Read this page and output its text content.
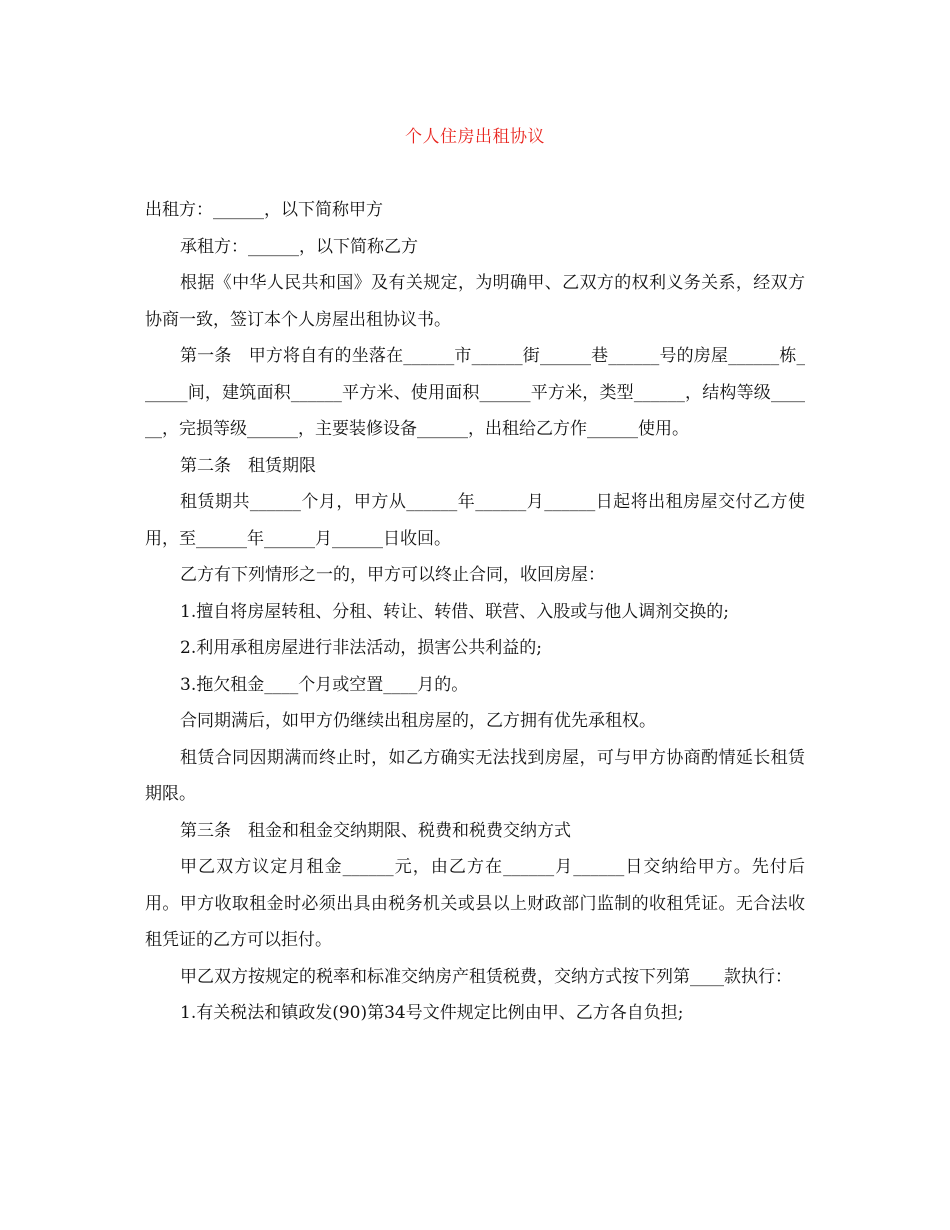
个人住房出租协议

出租方：______，以下简称甲方

承租方：______，以下简称乙方

根据《中华人民共和国》及有关规定，为明确甲、乙双方的权利义务关系，经双方协商一致，签订本个人房屋出租协议书。

第一条　甲方将自有的坐落在______市______街______巷______号的房屋______栋______间，建筑面积______平方米、使用面积______平方米，类型______，结构等级______，完损等级______，主要装修设备______，出租给乙方作______使用。

第二条　租赁期限

租赁期共______个月，甲方从______年______月______日起将出租房屋交付乙方使用，至______年______月______日收回。

乙方有下列情形之一的，甲方可以终止合同，收回房屋：

1.擅自将房屋转租、分租、转让、转借、联营、入股或与他人调剂交换的;

2.利用承租房屋进行非法活动，损害公共利益的;

3.拖欠租金____个月或空置____月的。

合同期满后，如甲方仍继续出租房屋的，乙方拥有优先承租权。

租赁合同因期满而终止时，如乙方确实无法找到房屋，可与甲方协商酌情延长租赁期限。

第三条　租金和租金交纳期限、税费和税费交纳方式

甲乙双方议定月租金______元，由乙方在______月______日交纳给甲方。先付后用。甲方收取租金时必须出具由税务机关或县以上财政部门监制的收租凭证。无合法收租凭证的乙方可以拒付。

甲乙双方按规定的税率和标准交纳房产租赁税费，交纳方式按下列第____款执行：

1.有关税法和镇政发(90)第34号文件规定比例由甲、乙方各自负担;
